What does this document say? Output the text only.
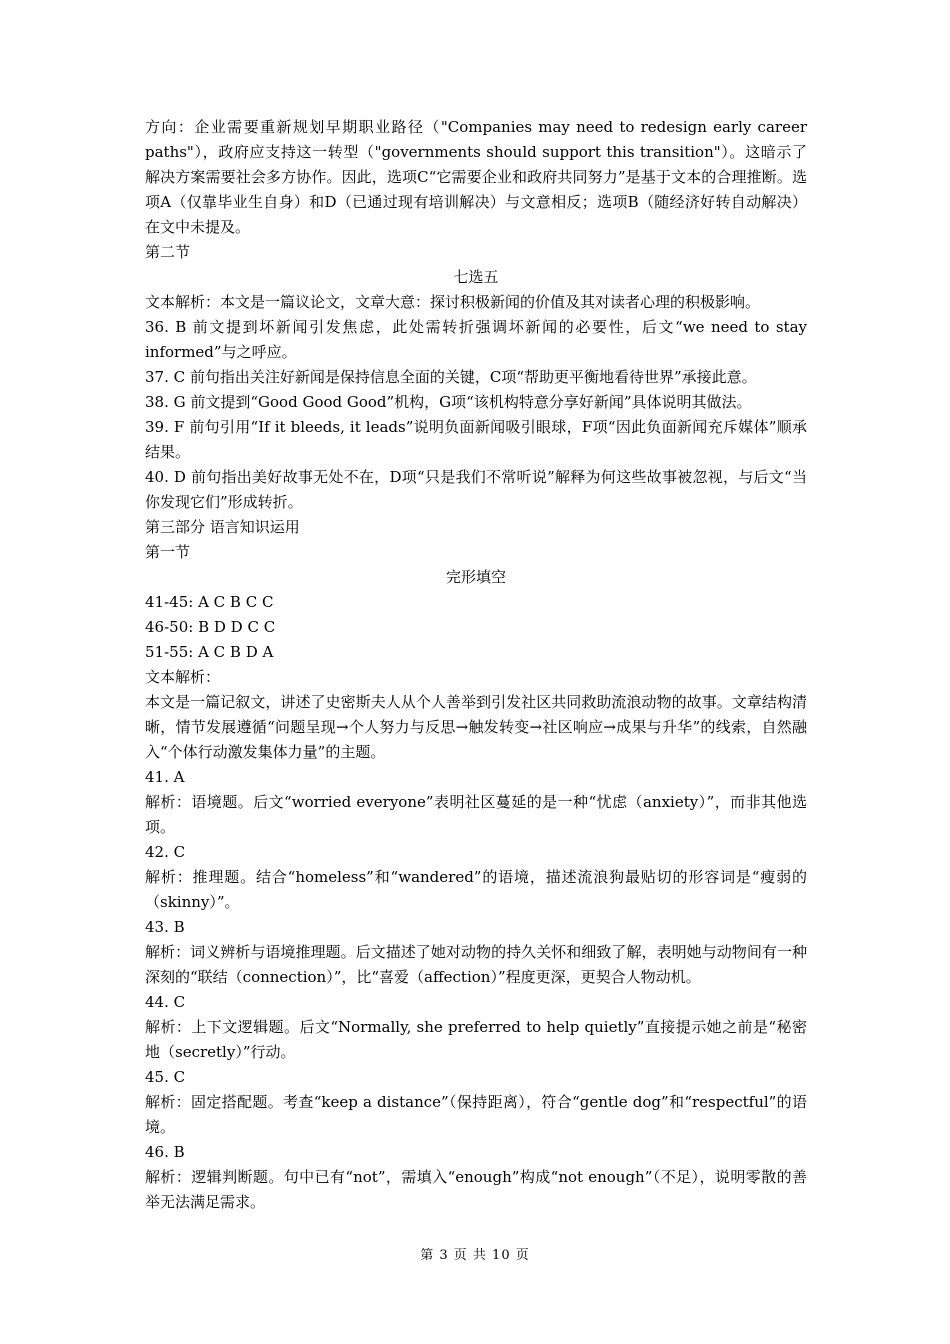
方向：企业需要重新规划早期职业路径（"Companies may need to redesign early career paths"），政府应支持这一转型（"governments should support this transition"）。这暗示了解决方案需要社会多方协作。因此，选项C“它需要企业和政府共同努力”是基于文本的合理推断。选项A（仅靠毕业生自身）和D（已通过现有培训解决）与文意相反；选项B（随经济好转自动解决）在文中未提及。

第二节

七选五

文本解析：本文是一篇议论文，文章大意：探讨积极新闻的价值及其对读者心理的积极影响。

36. B 前文提到坏新闻引发焦虑，此处需转折强调坏新闻的必要性，后文“we need to stay informed”与之呼应。

37. C 前句指出关注好新闻是保持信息全面的关键，C项“帮助更平衡地看待世界”承接此意。

38. G 前文提到“Good Good Good”机构，G项“该机构特意分享好新闻”具体说明其做法。

39. F 前句引用“If it bleeds, it leads”说明负面新闻吸引眼球，F项“因此负面新闻充斥媒体”顺承结果。

40. D 前句指出美好故事无处不在，D项“只是我们不常听说”解释为何这些故事被忽视，与后文“当你发现它们”形成转折。

第三部分 语言知识运用

第一节

完形填空

41-45: A C B C C

46-50: B D D C C

51-55: A C B D A

文本解析：

本文是一篇记叙文，讲述了史密斯夫人从个人善举到引发社区共同救助流浪动物的故事。文章结构清晰，情节发展遵循“问题呈现→个人努力与反思→触发转变→社区响应→成果与升华”的线索，自然融入“个体行动激发集体力量”的主题。

41. A

解析：语境题。后文“worried everyone”表明社区蔓延的是一种“忧虑（anxiety）”，而非其他选项。

42. C

解析：推理题。结合“homeless”和“wandered”的语境，描述流浪狗最贴切的形容词是“瘦弱的（skinny）”。

43. B

解析：词义辨析与语境推理题。后文描述了她对动物的持久关怀和细致了解，表明她与动物间有一种深刻的“联结（connection）”，比“喜爱（affection）”程度更深，更契合人物动机。

44. C

解析：上下文逻辑题。后文“Normally, she preferred to help quietly”直接提示她之前是“秘密地（secretly）”行动。

45. C

解析：固定搭配题。考查“keep a distance”（保持距离），符合“gentle dog”和“respectful”的语境。

46. B

解析：逻辑判断题。句中已有“not”，需填入“enough”构成“not enough”（不足），说明零散的善举无法满足需求。

第 3 页 共 10 页
